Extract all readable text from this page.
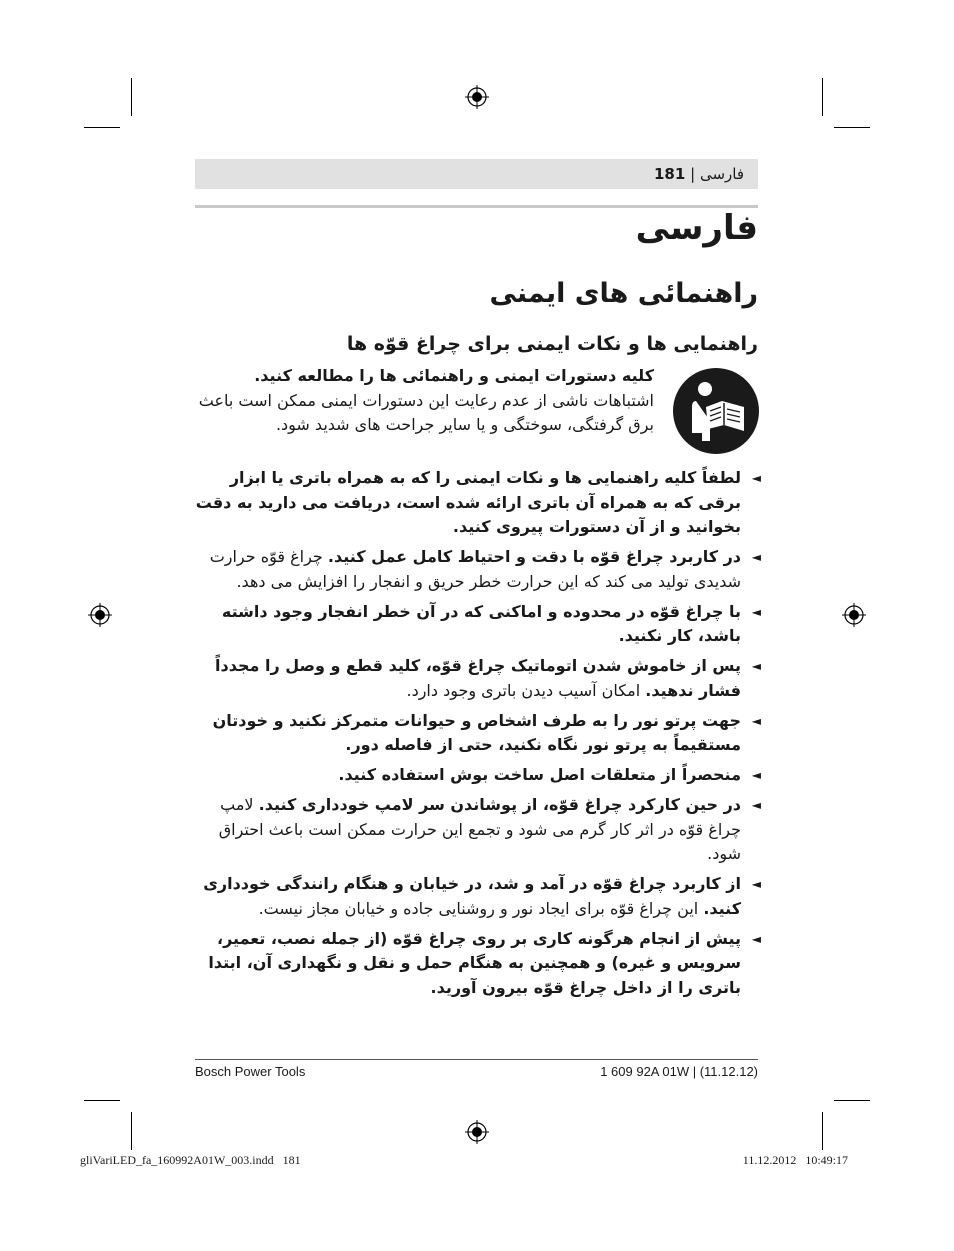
181 | فارسی
فارسی
راهنمائی های ایمنی
راهنمایی ها و نکات ایمنی برای چراغ قوّه ها
کلیه دستورات ایمنی و راهنمائی ها را مطالعه کنید. اشتباهات ناشی از عدم رعایت این دستورات ایمنی ممکن است باعث برق گرفتگی، سوختگی و یا سایر جراحت های شدید شود.
◄
لطفاً کلیه راهنمایی ها و نکات ایمنی را که به همراه باتری یا ابزار برقی که به همراه آن باتری ارائه شده است، دریافت می دارید به دقت بخوانید و از آن دستورات پیروی کنید.
◄
در کاربرد چراغ قوّه با دقت و احتیاط کامل عمل کنید. چراغ قوّه حرارت شدیدی تولید می کند که این حرارت خطر حریق و انفجار را افزایش می دهد.
◄
با چراغ قوّه در محدوده و اماکنی که در آن خطر انفجار وجود داشته باشد، کار نکنید.
◄
پس از خاموش شدن اتوماتیک چراغ قوّه، کلید قطع و وصل را مجدداً فشار ندهید. امکان آسیب دیدن باتری وجود دارد.
◄
جهت پرتو نور را به طرف اشخاص و حیوانات متمرکز نکنید و خودتان مستقیماً به پرتو نور نگاه نکنید، حتی از فاصله دور.
◄
منحصراً از متعلقات اصل ساخت بوش استفاده کنید.
◄
در حین کارکرد چراغ قوّه، از پوشاندن سر لامپ خودداری کنید. لامپ چراغ قوّه در اثر کار گرم می شود و تجمع این حرارت ممکن است باعث احتراق شود.
◄
از کاربرد چراغ قوّه در آمد و شد، در خیابان و هنگام رانندگی خودداری کنید. این چراغ قوّه برای ایجاد نور و روشنایی جاده و خیابان مجاز نیست.
◄
پیش از انجام هرگونه کاری بر روی چراغ قوّه (از جمله نصب، تعمیر، سرویس و غیره) و همچنین به هنگام حمل و نقل و نگهداری آن، ابتدا باتری را از داخل چراغ قوّه بیرون آورید.
Bosch Power Tools	1 609 92A 01W | (11.12.12)
gliVariLED_fa_160992A01W_003.indd   181	11.12.2012   10:49:17
